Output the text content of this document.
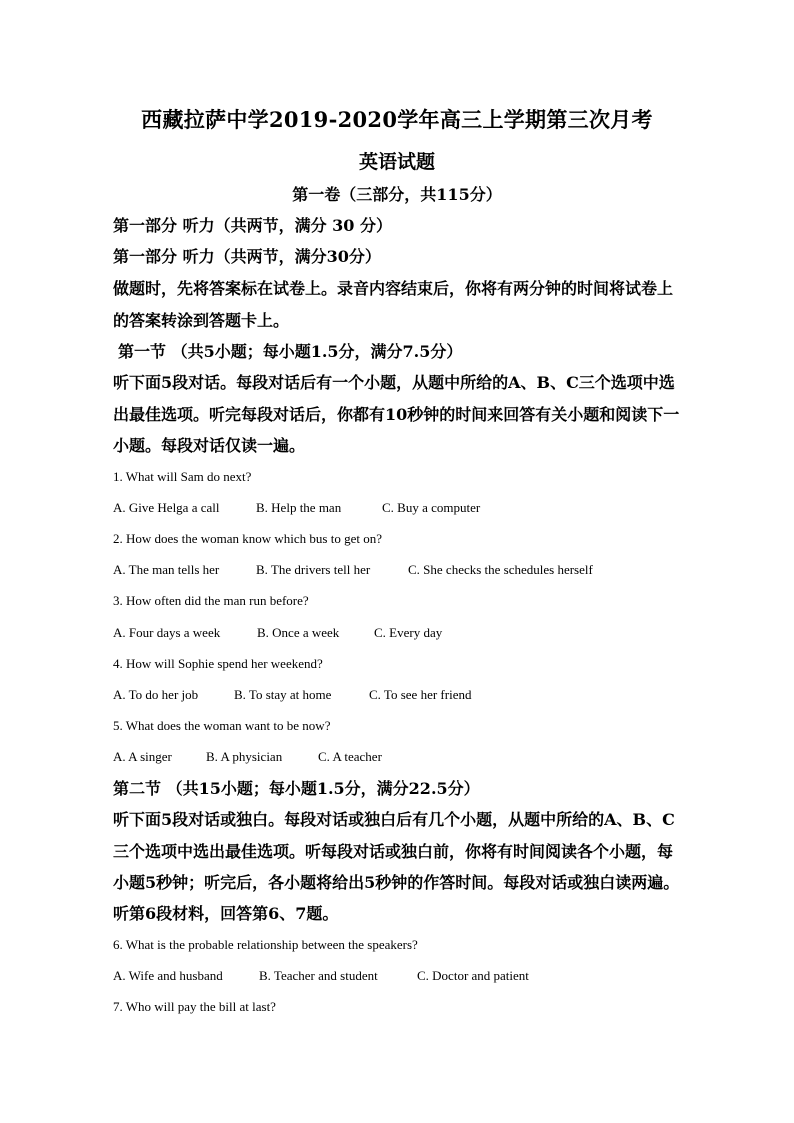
西藏拉萨中学2019-2020学年高三上学期第三次月考
英语试题
第一卷（三部分，共115分）
第一部分 听力（共两节，满分 30 分）
第一部分 听力（共两节，满分30分）
做题时，先将答案标在试卷上。录音内容结束后，你将有两分钟的时间将试卷上
的答案转涂到答题卡上。
第一节 （共5小题；每小题1.5分，满分7.5分）
听下面5段对话。每段对话后有一个小题，从题中所给的A、B、C三个选项中选
出最佳选项。听完每段对话后，你都有10秒钟的时间来回答有关小题和阅读下一
小题。每段对话仅读一遍。
1. What will Sam do next?
A. Give Helga a call	B. Help the man	C. Buy a computer
2. How does the woman know which bus to get on?
A. The man tells her	B. The drivers tell her	C. She checks the schedules herself
3. How often did the man run before?
A. Four days a week	B. Once a week	C. Every day
4. How will Sophie spend her weekend?
A. To do her job	B. To stay at home	C. To see her friend
5. What does the woman want to be now?
A. A singer	B. A physician	C. A teacher
第二节 （共15小题；每小题1.5分，满分22.5分）
听下面5段对话或独白。每段对话或独白后有几个小题，从题中所给的A、B、C
三个选项中选出最佳选项。听每段对话或独白前，你将有时间阅读各个小题，每
小题5秒钟；听完后，各小题将给出5秒钟的作答时间。每段对话或独白读两遍。
听第6段材料，回答第6、7题。
6. What is the probable relationship between the speakers?
A. Wife and husband	B. Teacher and student	C. Doctor and patient
7. Who will pay the bill at last?
